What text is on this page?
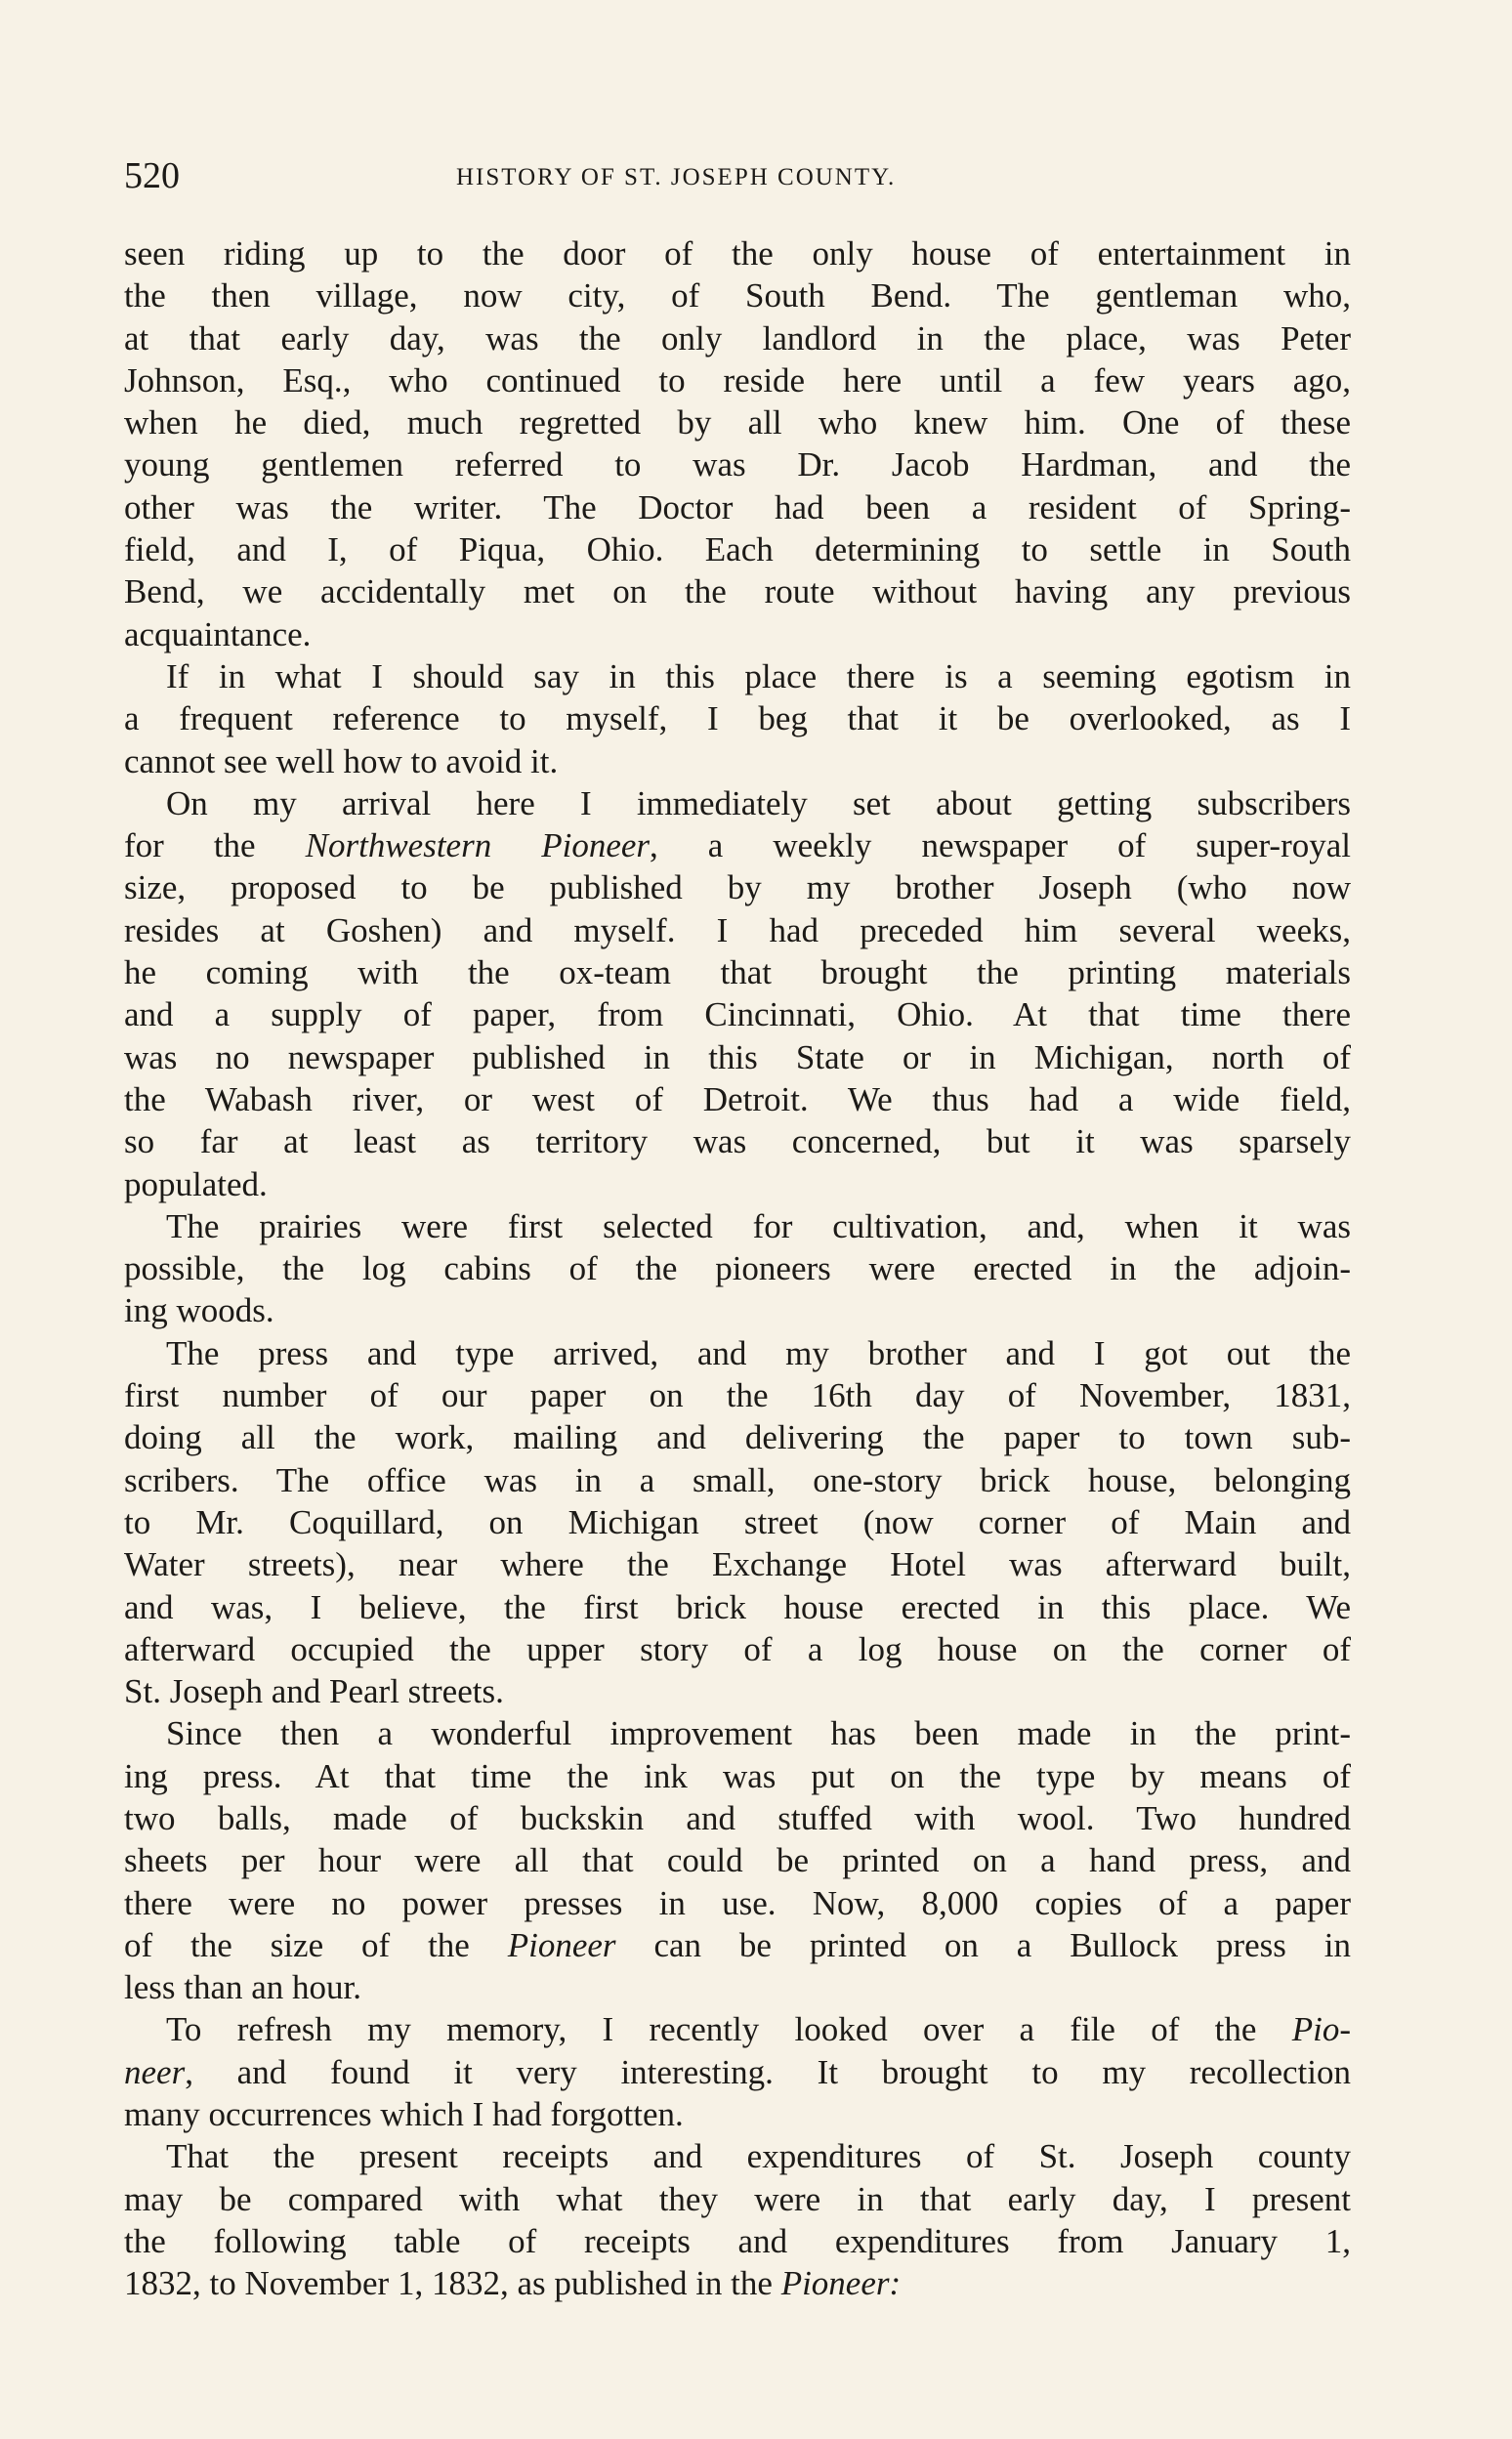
520	HISTORY OF ST. JOSEPH COUNTY.
seen riding up to the door of the only house of entertainment in
the then village, now city, of South Bend. The gentleman who,
at that early day, was the only landlord in the place, was Peter
Johnson, Esq., who continued to reside here until a few years ago,
when he died, much regretted by all who knew him. One of these
young gentlemen referred to was Dr. Jacob Hardman, and the
other was the writer. The Doctor had been a resident of Spring-
field, and I, of Piqua, Ohio. Each determining to settle in South
Bend, we accidentally met on the route without having any previous
acquaintance.
If in what I should say in this place there is a seeming egotism in
a frequent reference to myself, I beg that it be overlooked, as I
cannot see well how to avoid it.
On my arrival here I immediately set about getting subscribers
for the Northwestern Pioneer, a weekly newspaper of super-royal
size, proposed to be published by my brother Joseph (who now
resides at Goshen) and myself. I had preceded him several weeks,
he coming with the ox-team that brought the printing materials
and a supply of paper, from Cincinnati, Ohio. At that time there
was no newspaper published in this State or in Michigan, north of
the Wabash river, or west of Detroit. We thus had a wide field,
so far at least as territory was concerned, but it was sparsely
populated.
The prairies were first selected for cultivation, and, when it was
possible, the log cabins of the pioneers were erected in the adjoin-
ing woods.
The press and type arrived, and my brother and I got out the
first number of our paper on the 16th day of November, 1831,
doing all the work, mailing and delivering the paper to town sub-
scribers. The office was in a small, one-story brick house, belonging
to Mr. Coquillard, on Michigan street (now corner of Main and
Water streets), near where the Exchange Hotel was afterward built,
and was, I believe, the first brick house erected in this place. We
afterward occupied the upper story of a log house on the corner of
St. Joseph and Pearl streets.
Since then a wonderful improvement has been made in the print-
ing press. At that time the ink was put on the type by means of
two balls, made of buckskin and stuffed with wool. Two hundred
sheets per hour were all that could be printed on a hand press, and
there were no power presses in use. Now, 8,000 copies of a paper
of the size of the Pioneer can be printed on a Bullock press in
less than an hour.
To refresh my memory, I recently looked over a file of the Pio-
neer, and found it very interesting. It brought to my recollection
many occurrences which I had forgotten.
That the present receipts and expenditures of St. Joseph county
may be compared with what they were in that early day, I present
the following table of receipts and expenditures from January 1,
1832, to November 1, 1832, as published in the Pioneer:
